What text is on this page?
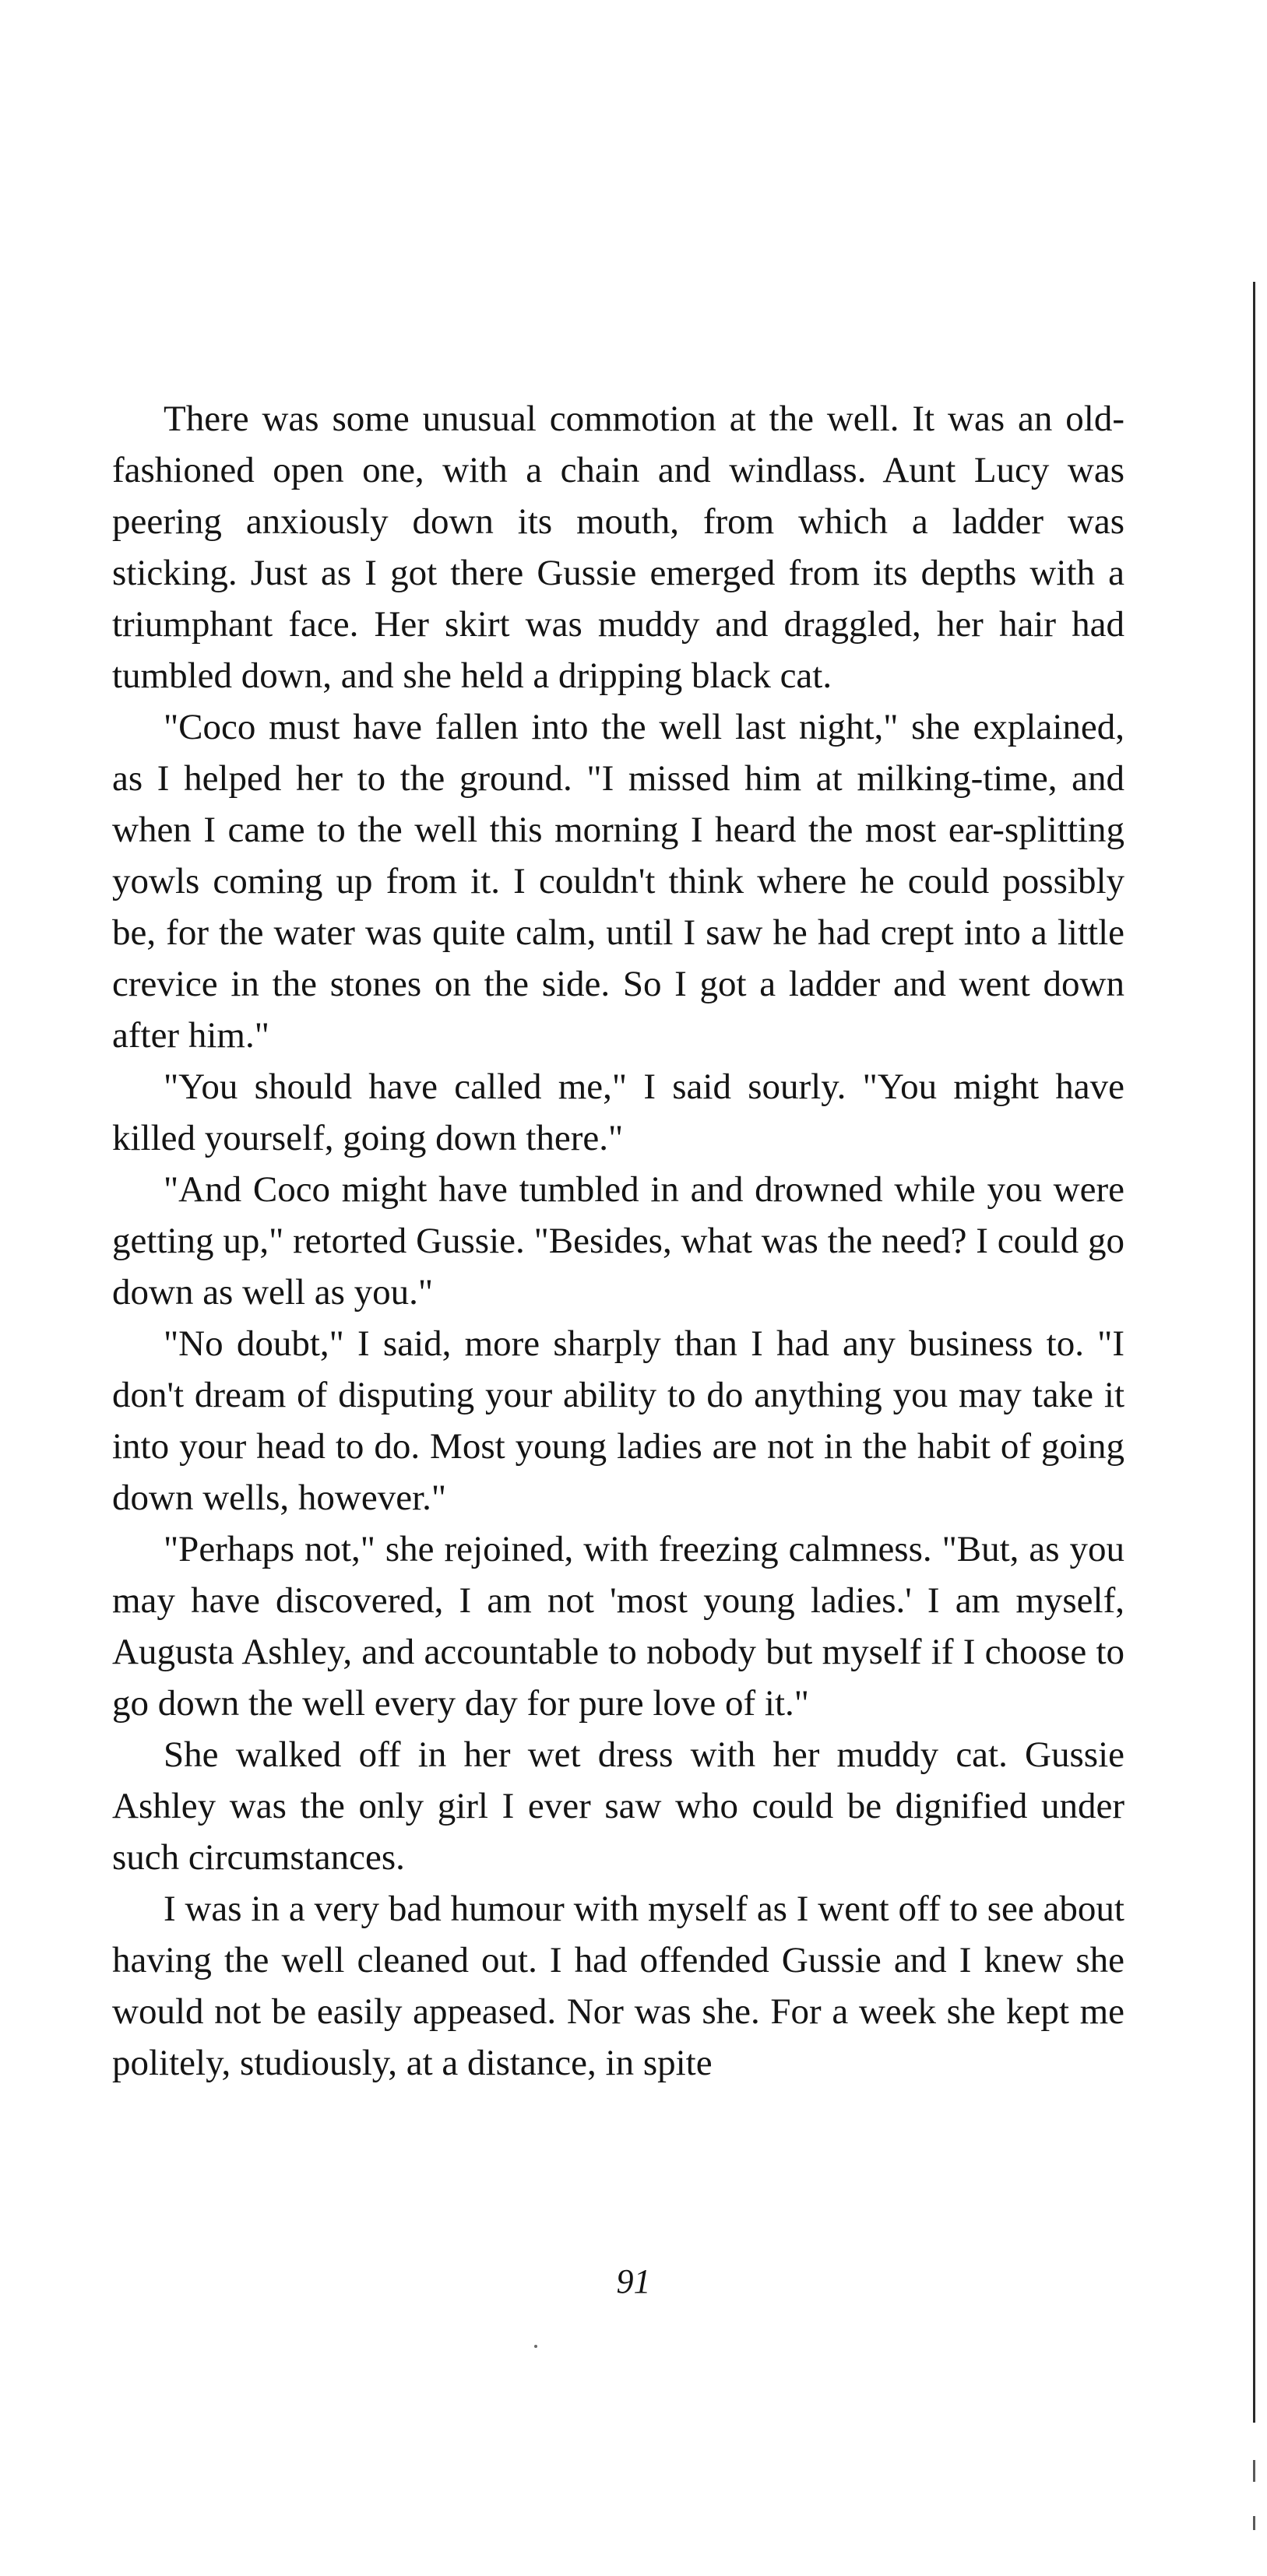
There was some unusual commotion at the well. It was an old-fashioned open one, with a chain and windlass. Aunt Lucy was peering anxiously down its mouth, from which a ladder was sticking. Just as I got there Gussie emerged from its depths with a triumphant face. Her skirt was muddy and draggled, her hair had tumbled down, and she held a dripping black cat.

"Coco must have fallen into the well last night," she explained, as I helped her to the ground. "I missed him at milking-time, and when I came to the well this morning I heard the most ear-splitting yowls coming up from it. I couldn't think where he could possibly be, for the water was quite calm, until I saw he had crept into a little crevice in the stones on the side. So I got a ladder and went down after him."

"You should have called me," I said sourly. "You might have killed yourself, going down there."

"And Coco might have tumbled in and drowned while you were getting up," retorted Gussie. "Besides, what was the need? I could go down as well as you."

"No doubt," I said, more sharply than I had any business to. "I don't dream of disputing your ability to do anything you may take it into your head to do. Most young ladies are not in the habit of going down wells, however."

"Perhaps not," she rejoined, with freezing calmness. "But, as you may have discovered, I am not 'most young ladies.' I am myself, Augusta Ashley, and accountable to nobody but myself if I choose to go down the well every day for pure love of it."

She walked off in her wet dress with her muddy cat. Gussie Ashley was the only girl I ever saw who could be dignified under such circumstances.

I was in a very bad humour with myself as I went off to see about having the well cleaned out. I had offended Gussie and I knew she would not be easily appeased. Nor was she. For a week she kept me politely, studiously, at a distance, in spite

91
